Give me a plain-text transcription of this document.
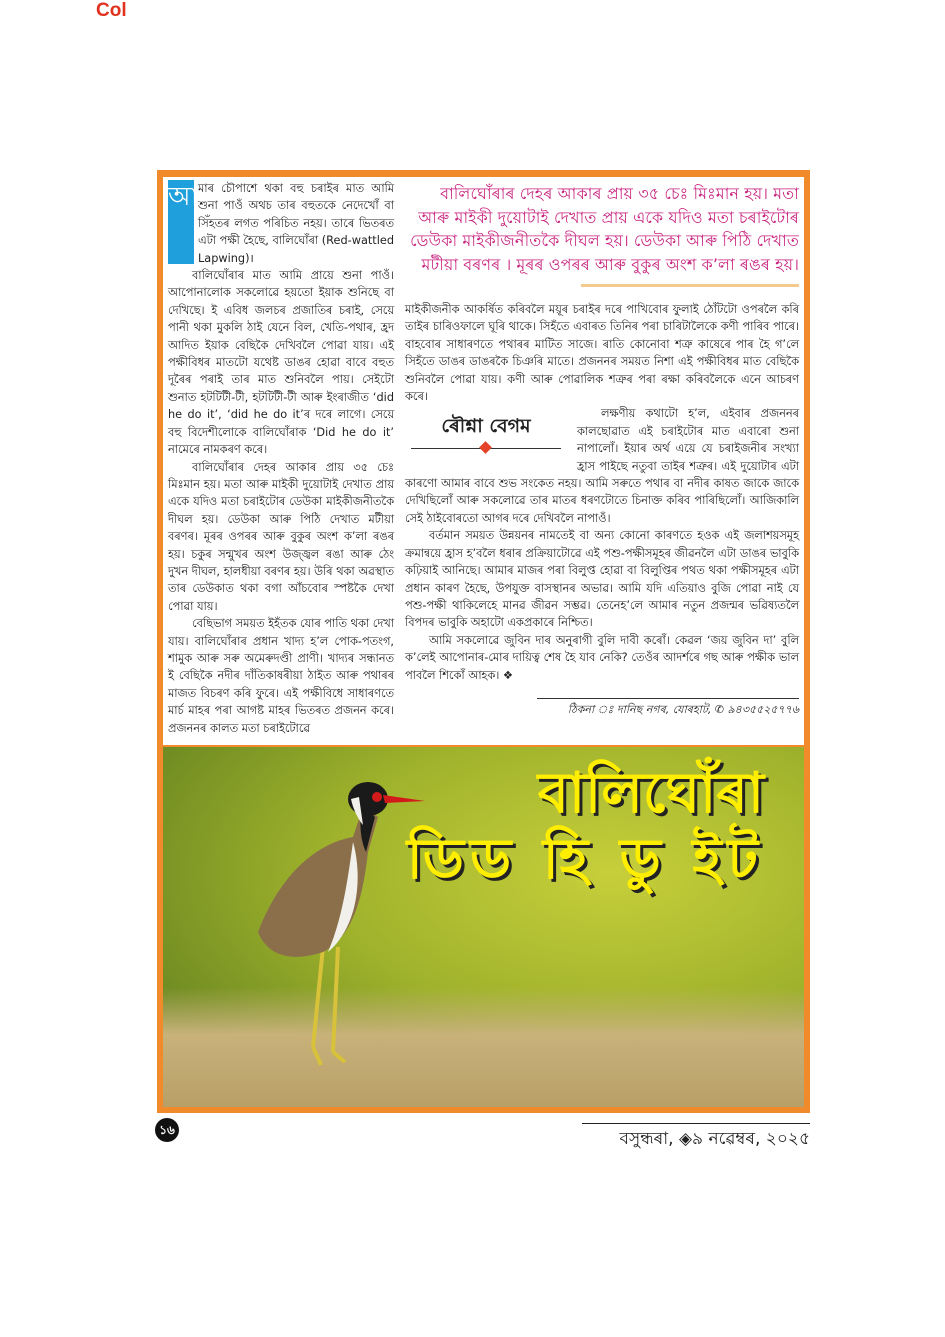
Col

আ মাৰ চৌপাশে থকা বহু চৰাইৰ মাত আমি শুনা পাওঁ অথচ তাৰ বহুতকে নেদেখোঁ বা সিঁহতৰ লগত পৰিচিত নহয়। তাৰে ভিতৰত এটা পক্ষী হৈছে, বালিঘোঁৰা (Red-wattled Lapwing)।

বালিঘোঁৰাৰ মাত আমি প্ৰায়ে শুনা পাওঁ। আপোনালোক সকলোৱে হয়তো ইয়াক শুনিছে বা দেখিছে। ই এবিধ জলচৰ প্ৰজাতিৰ চৰাই, সেয়ে পানী থকা মুকলি ঠাই যেনে বিল, খেতি-পথাৰ, হ্ৰদ আদিত ইয়াক বেছিকৈ দেখিবলৈ পোৱা যায়। এই পক্ষীবিধৰ মাতটো যথেষ্ট ডাঙৰ হোৱা বাবে বহুত দূৰৈৰ পৰাই তাৰ মাত শুনিবলৈ পায়। সেইটো শুনাত হটটিটী-টী, হটটিটী-টী আৰু ইংৰাজীত ‘did he do it’, ‘did he do it’ৰ দৰে লাগে। সেয়ে বহু বিদেশীলোকে বালিঘোঁৰাক ‘Did he do it’ নামেৰে নামকৰণ কৰে।

বালিঘোঁৰাৰ দেহৰ আকাৰ প্ৰায় ৩৫ চেঃ মিঃমান হয়। মতা আৰু মাইকী দুয়োটাই দেখাত প্ৰায় একে যদিও মতা চৰাইটোৰ ডেউকা মাইকীজনীতকৈ দীঘল হয়। ডেউকা আৰু পিঠি দেখাত মটীয়া বৰণৰ। মূৰৰ ওপৰৰ আৰু বুকুৰ অংশ ক’লা ৰঙৰ হয়। চকুৰ সন্মুখৰ অংশ উজ্জ্বল ৰঙা আৰু ঠেং দুখন দীঘল, হালধীয়া বৰণৰ হয়। উৰি থকা অৱস্থাত তাৰ ডেউকাত থকা বগা আঁচবোৰ স্পষ্টকৈ দেখা পোৱা যায়।

বেছিভাগ সময়ত ইহঁতক যোৰ পাতি থকা দেখা যায়। বালিঘোঁৰাৰ প্ৰধান খাদ্য হ’ল পোক-পতংগ, শামুক আৰু সৰু অমেৰুদণ্ডী প্ৰাণী। খাদ্যৰ সন্ধানত ই বেছিকৈ নদীৰ দাঁতিকাষৰীয়া ঠাইত আৰু পথাৰৰ মাজত বিচৰণ কৰি ফুৰে। এই পক্ষীবিধে সাধাৰণতে মাৰ্চ মাহৰ পৰা আগষ্ট মাহৰ ভিতৰত প্ৰজনন কৰে। প্ৰজননৰ কালত মতা চৰাইটোৱে

বালিঘোঁৰাৰ দেহৰ আকাৰ প্ৰায় ৩৫ চেঃ মিঃমান হয়। মতা আৰু মাইকী দুয়োটাই দেখাত প্ৰায় একে যদিও মতা চৰাইটোৰ ডেউকা মাইকীজনীতকৈ দীঘল হয়। ডেউকা আৰু পিঠি দেখাত মটীয়া বৰণৰ । মূৰৰ ওপৰৰ আৰু বুকুৰ অংশ ক’লা ৰঙৰ হয়।

মাইকীজনীক আকৰ্ষিত কৰিবলৈ ময়ূৰ চৰাইৰ দৰে পাখিবোৰ ফুলাই ঠোঁটটো ওপৰলৈ কৰি তাইৰ চাৰিওফালে ঘূৰি থাকে। সিহঁতে এবাৰত তিনিৰ পৰা চাৰিটালৈকে কণী পাৰিব পাৰে। বাহবোৰ সাধাৰণতে পথাৰৰ মাটিত সাজে। ৰাতি কোনোবা শত্ৰু কাষেৰে পাৰ হৈ গ’লে সিহঁতে ডাঙৰ ডাঙৰকৈ চিঞৰি মাতে। প্ৰজননৰ সময়ত নিশা এই পক্ষীবিধৰ মাত বেছিকৈ শুনিবলৈ পোৱা যায়। কণী আৰু পোৱালিক শত্ৰুৰ পৰা ৰক্ষা কৰিবলৈকে এনে আচৰণ কৰে।

ৰৌশ্না বেগম

লক্ষণীয় কথাটো হ’ল, এইবাৰ প্ৰজননৰ কালছোৱাত এই চৰাইটোৰ মাত এবাৰো শুনা নাপালোঁ। ইয়াৰ অৰ্থ এয়ে যে চৰাইজনীৰ সংখ্যা হ্ৰাস পাইছে নতুবা তাইৰ শত্ৰুৰ। এই দুয়োটাৰ এটা কাৰণো আমাৰ বাবে শুভ সংকেত নহয়। আমি সৰুতে পথাৰ বা নদীৰ কাষত জাকে জাকে দেখিছিলোঁ আৰু সকলোৱে তাৰ মাতৰ ধৰণটোতে চিনাক্ত কৰিব পাৰিছিলোঁ। আজিকালি সেই ঠাইবোৰতো আগৰ দৰে দেখিবলৈ নাপাওঁ।

বৰ্তমান সময়ত উন্নয়নৰ নামতেই বা অন্য কোনো কাৰণতে হওক এই জলাশয়সমূহ ক্ৰমান্বয়ে হ্ৰাস হ’বলৈ ধৰাৰ প্ৰক্ৰিয়াটোৱে এই পশু-পক্ষীসমূহৰ জীৱনলৈ এটা ডাঙৰ ভাবুকি কঢ়িয়াই আনিছে। আমাৰ মাজৰ পৰা বিলুপ্ত হোৱা বা বিলুপ্তিৰ পথত থকা পক্ষীসমূহৰ এটা প্ৰধান কাৰণ হৈছে, উপযুক্ত বাসস্থানৰ অভাৱ। আমি যদি এতিয়াও বুজি পোৱা নাই যে পশু-পক্ষী থাকিলেহে মানৱ জীৱন সম্ভৱ। তেনেহ’লে আমাৰ নতুন প্ৰজন্মৰ ভৱিষ্যতলৈ বিপদৰ ভাবুকি অহাটো একপ্ৰকাৰে নিশ্চিত।

আমি সকলোৱে জুবিন দাৰ অনুৰাগী বুলি দাবী কৰোঁ। কেৱল ‘জয় জুবিন দা’ বুলি ক’লেই আপোনাৰ-মোৰ দায়িত্ব শেষ হৈ যাব নেকি? তেওঁৰ আদৰ্শৰে গছ আৰু পক্ষীক ভাল পাবলৈ শিকোঁ আহক। ❖

ঠিকনা ঃ দানিছ নগৰ, যোৰহাট, ✆ ৯৪৩৫৫২৫৭৭৬
বালিঘোঁৰা
ডিড হি ডু ইট
১৬	বসুন্ধৰা, ◈৯ নৱেম্বৰ, ২০২৫
